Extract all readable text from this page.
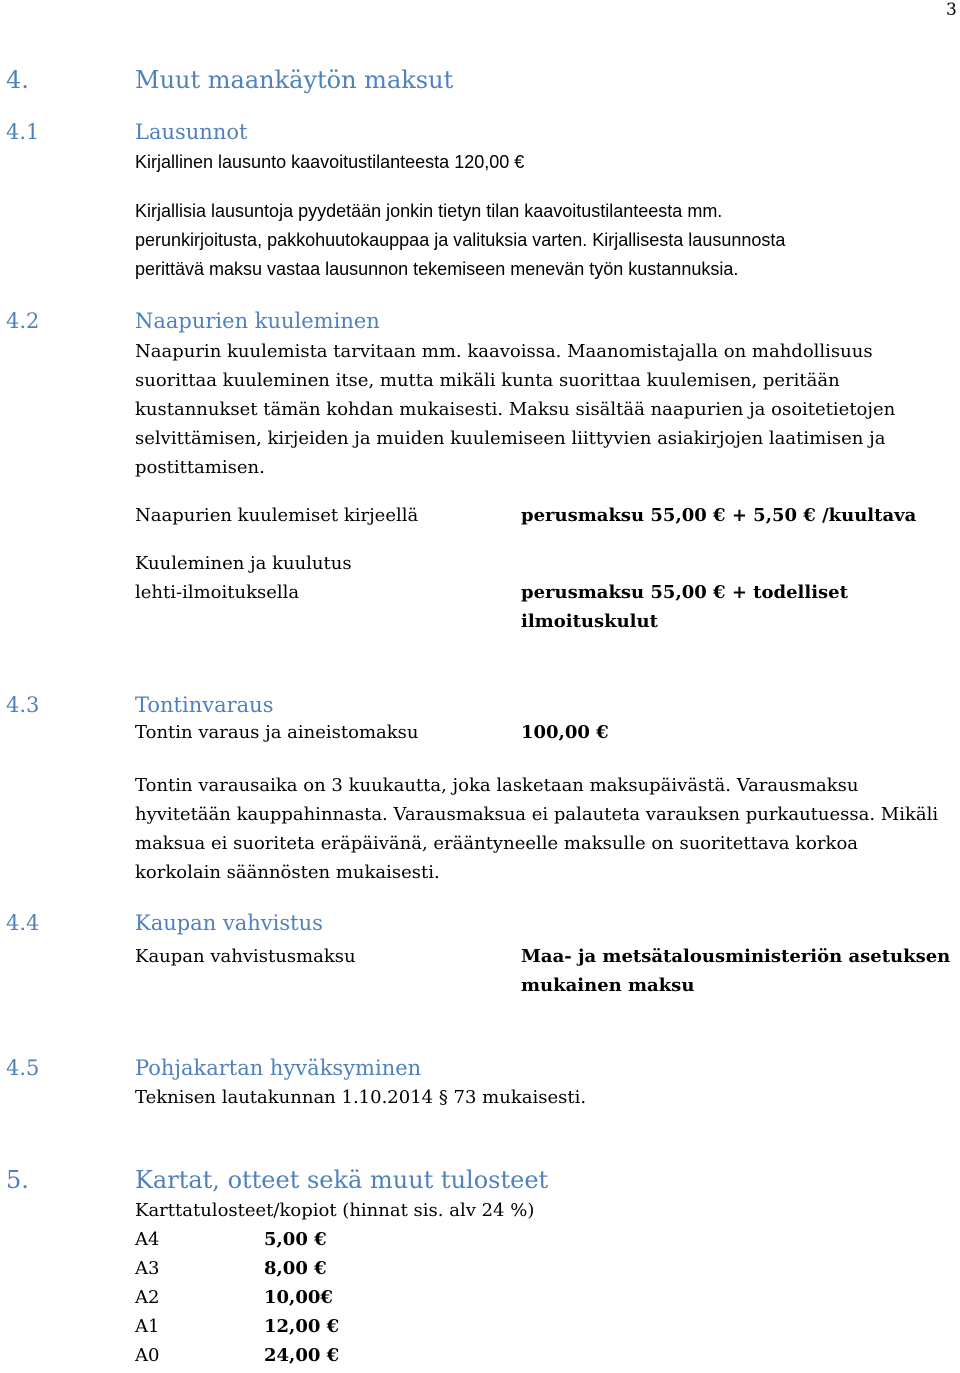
3
4.	Muut maankäytön maksut
4.1	Lausunnot
Kirjallinen lausunto kaavoitustilanteesta 120,00 €
Kirjallisia lausuntoja pyydetään jonkin tietyn tilan kaavoitustilanteesta mm.
perunkirjoitusta, pakkohuutokauppaa ja valituksia varten. Kirjallisesta lausunnosta
perittävä maksu vastaa lausunnon tekemiseen menevän työn kustannuksia.
4.2	Naapurien kuuleminen
Naapurin kuulemista tarvitaan mm. kaavoissa. Maanomistajalla on mahdollisuus
suorittaa kuuleminen itse, mutta mikäli kunta suorittaa kuulemisen, peritään
kustannukset tämän kohdan mukaisesti. Maksu sisältää naapurien ja osoitetietojen
selvittämisen, kirjeiden ja muiden kuulemiseen liittyvien asiakirjojen laatimisen ja
postittamisen.
Naapurien kuulemiset kirjeellä	perusmaksu 55,00 € + 5,50 € /kuultava
Kuuleminen ja kuulutus
lehti-ilmoituksella	perusmaksu 55,00 € + todelliset
ilmoituskulut
4.3	Tontinvaraus
Tontin varaus ja aineistomaksu	100,00 €
Tontin varausaika on 3 kuukautta, joka lasketaan maksupäivästä. Varausmaksu
hyvitetään kauppahinnasta. Varausmaksua ei palauteta varauksen purkautuessa. Mikäli
maksua ei suoriteta eräpäivänä, erääntyneelle maksulle on suoritettava korkoa
korkolain säännösten mukaisesti.
4.4	Kaupan vahvistus
Kaupan vahvistusmaksu	Maa- ja metsätalousministeriön asetuksen
mukainen maksu
4.5	Pohjakartan hyväksyminen
Teknisen lautakunnan 1.10.2014 § 73 mukaisesti.
5.	Kartat, otteet sekä muut tulosteet
Karttatulosteet/kopiot (hinnat sis. alv 24 %)
A4	5,00 €
A3	8,00 €
A2	10,00€
A1	12,00 €
A0	24,00 €
